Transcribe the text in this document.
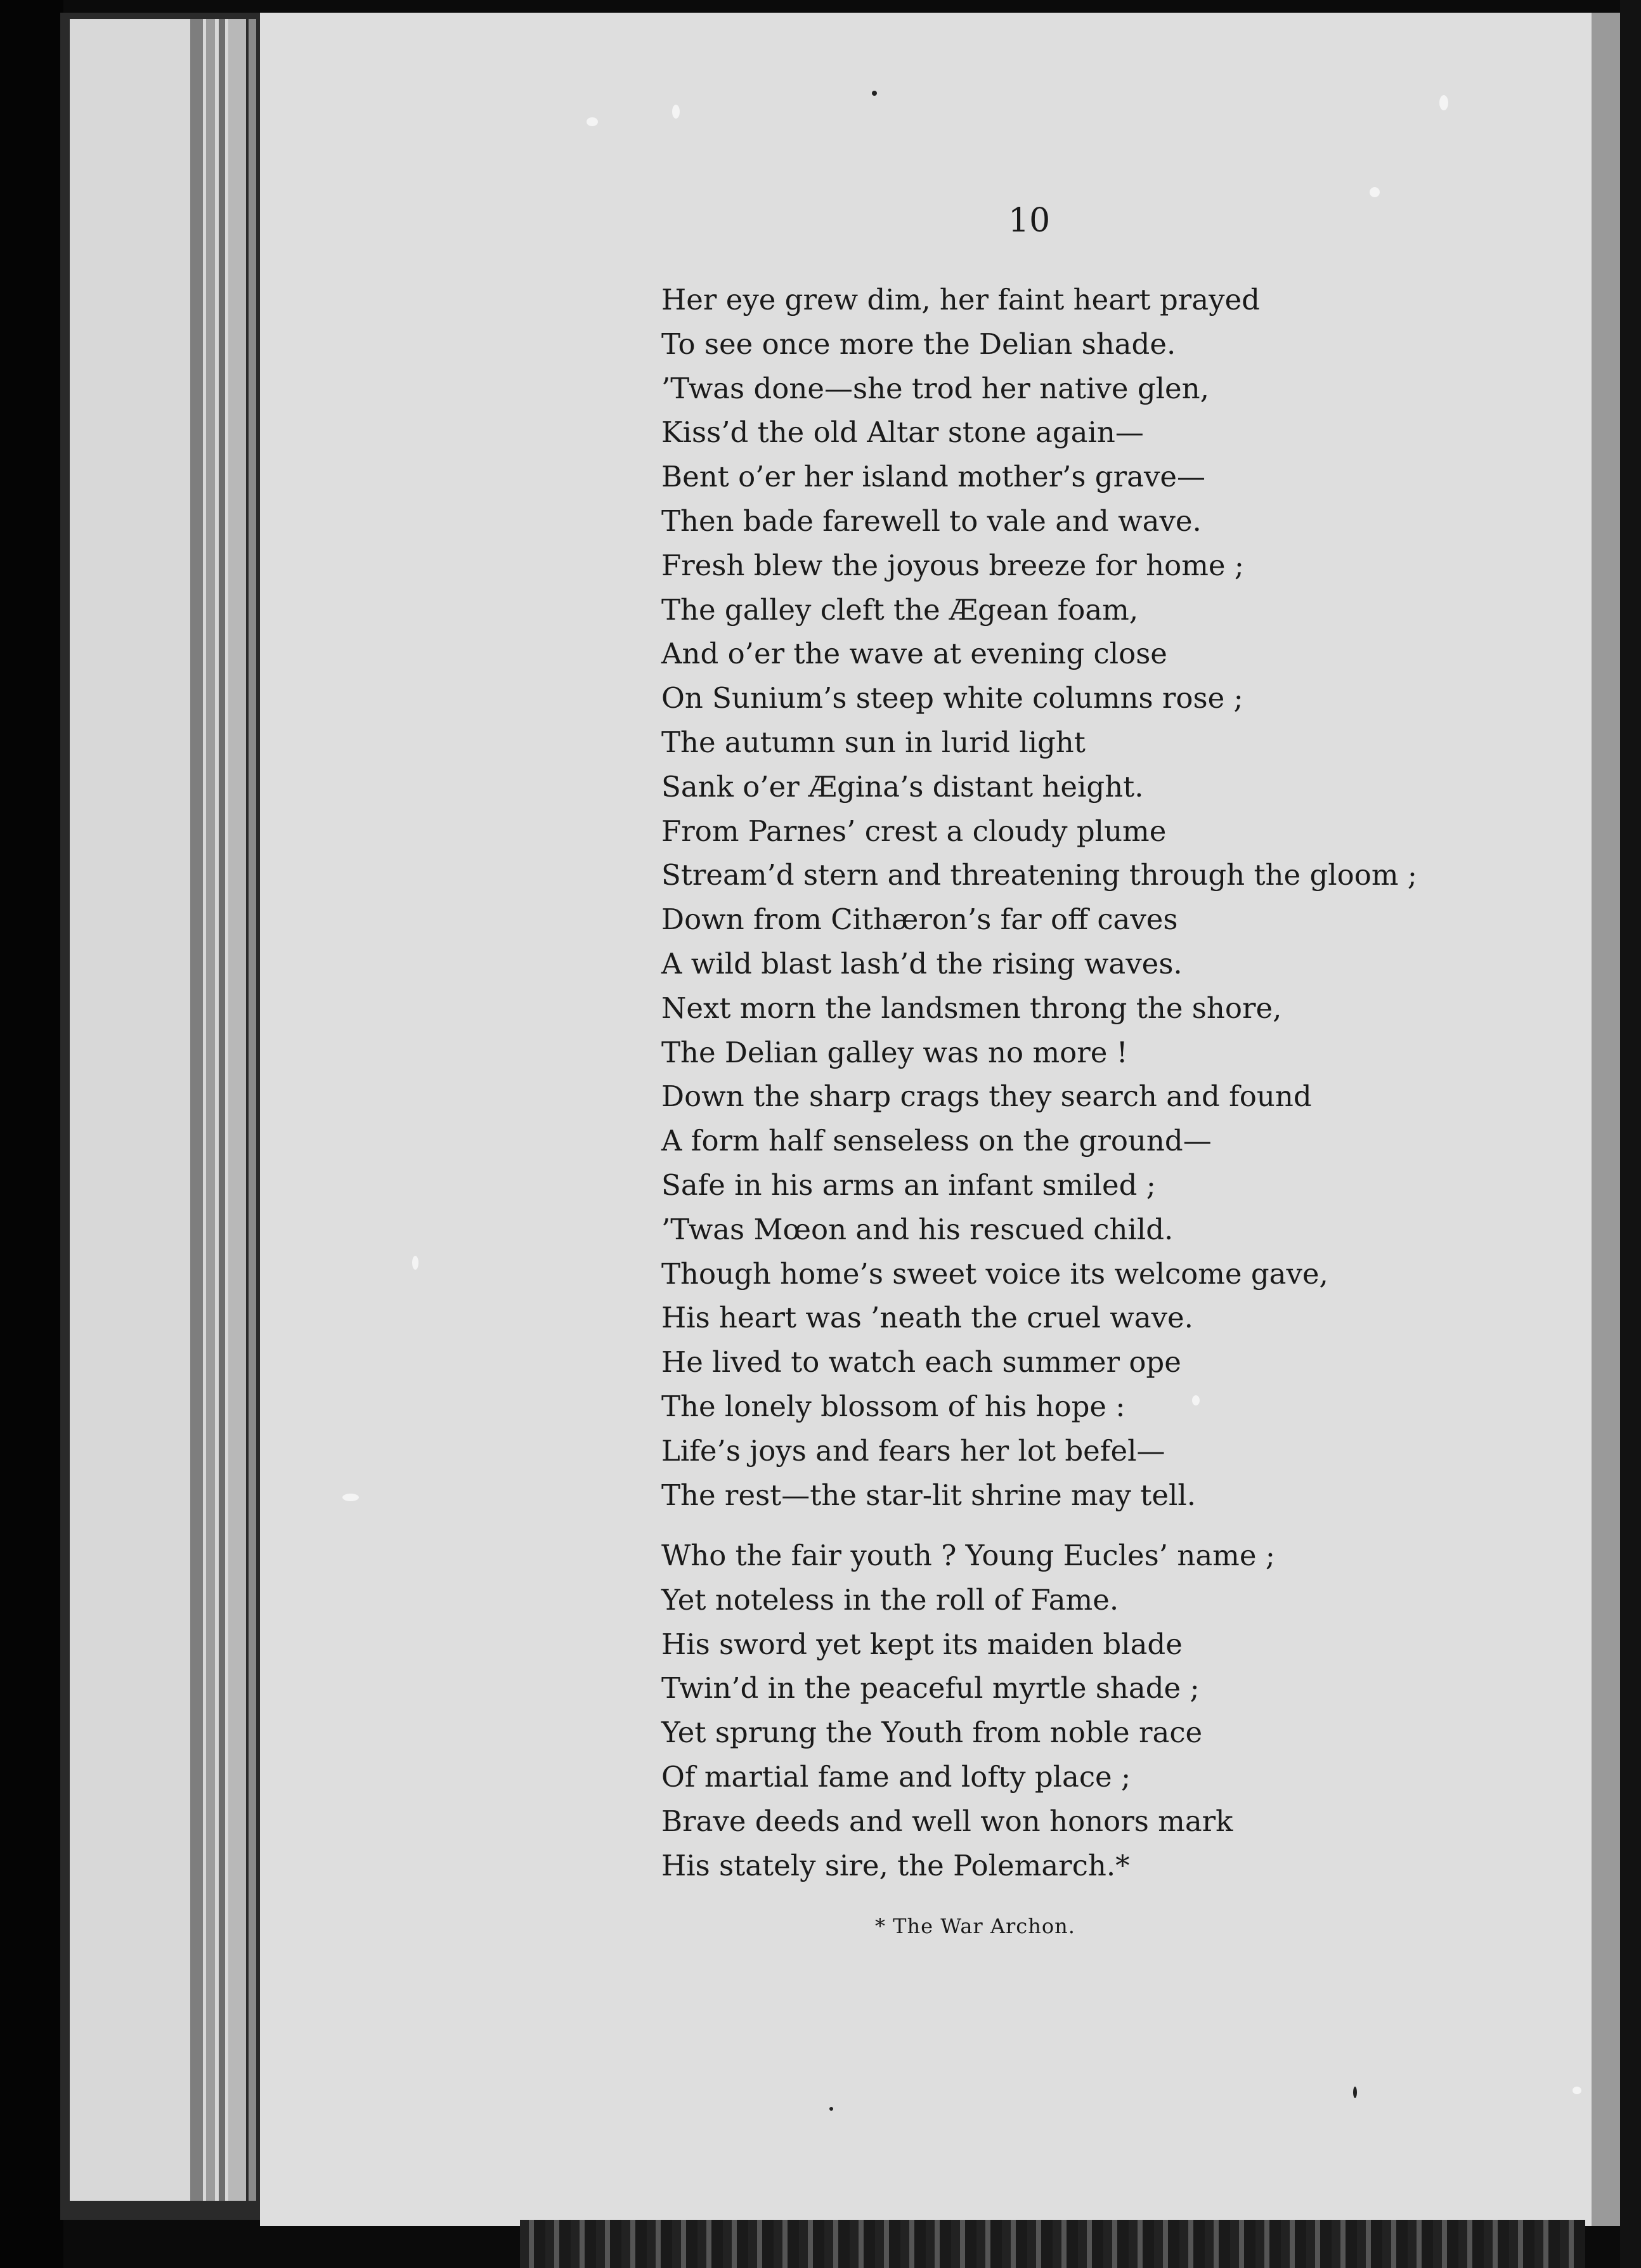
10
Her eye grew dim, her faint heart prayed
To see once more the Delian shade.
’Twas done—she trod her native glen,
Kiss’d the old Altar stone again—
Bent o’er her island mother’s grave—
Then bade farewell to vale and wave.
Fresh blew the joyous breeze for home ;
The galley cleft the Ægean foam,
And o’er the wave at evening close
On Sunium’s steep white columns rose ;
The autumn sun in lurid light
Sank o’er Ægina’s distant height.
From Parnes’ crest a cloudy plume
Stream’d stern and threatening through the gloom ;
Down from Cithæron’s far off caves
A wild blast lash’d the rising waves.
Next morn the landsmen throng the shore,
The Delian galley was no more !
Down the sharp crags they search and found
A form half senseless on the ground—
Safe in his arms an infant smiled ;
’Twas Mœon and his rescued child.
Though home’s sweet voice its welcome gave,
His heart was ’neath the cruel wave.
He lived to watch each summer ope
The lonely blossom of his hope :
Life’s joys and fears her lot befel—
The rest—the star-lit shrine may tell.
Who the fair youth ? Young Eucles’ name ;
Yet noteless in the roll of Fame.
His sword yet kept its maiden blade
Twin’d in the peaceful myrtle shade ;
Yet sprung the Youth from noble race
Of martial fame and lofty place ;
Brave deeds and well won honors mark
His stately sire, the Polemarch.*
* The War Archon.
